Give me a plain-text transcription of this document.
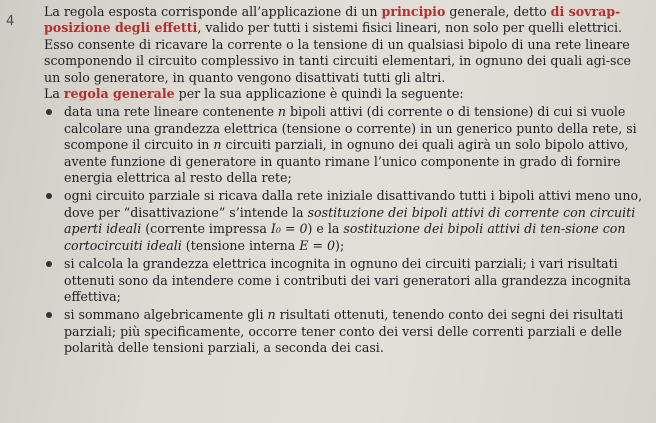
4

La regola esposta corrisponde all’applicazione di un principio generale, detto di sovrap-posizione degli effetti, valido per tutti i sistemi fisici lineari, non solo per quelli elettrici. Esso consente di ricavare la corrente o la tensione di un qualsiasi bipolo di una rete lineare scomponendo il circuito complessivo in tanti circuiti elementari, in ognuno dei quali agi-sce un solo generatore, in quanto vengono disattivati tutti gli altri.

La regola generale per la sua applicazione è quindi la seguente:

data una rete lineare contenente n bipoli attivi (di corrente o di tensione) di cui si vuole calcolare una grandezza elettrica (tensione o corrente) in un generico punto della rete, si scompone il circuito in n circuiti parziali, in ognuno dei quali agirà un solo bipolo attivo, avente funzione di generatore in quanto rimane l’unico componente in grado di fornire energia elettrica al resto della rete;
ogni circuito parziale si ricava dalla rete iniziale disattivando tutti i bipoli attivi meno uno, dove per “disattivazione” s’intende la sostituzione dei bipoli attivi di corrente con circuiti aperti ideali (corrente impressa I₀ = 0) e la sostituzione dei bipoli attivi di ten-sione con cortocircuiti ideali (tensione interna E = 0);
si calcola la grandezza elettrica incognita in ognuno dei circuiti parziali; i vari risultati ottenuti sono da intendere come i contributi dei vari generatori alla grandezza incognita effettiva;
si sommano algebricamente gli n risultati ottenuti, tenendo conto dei segni dei risultati parziali; più specificamente, occorre tener conto dei versi delle correnti parziali e delle polarità delle tensioni parziali, a seconda dei casi.
